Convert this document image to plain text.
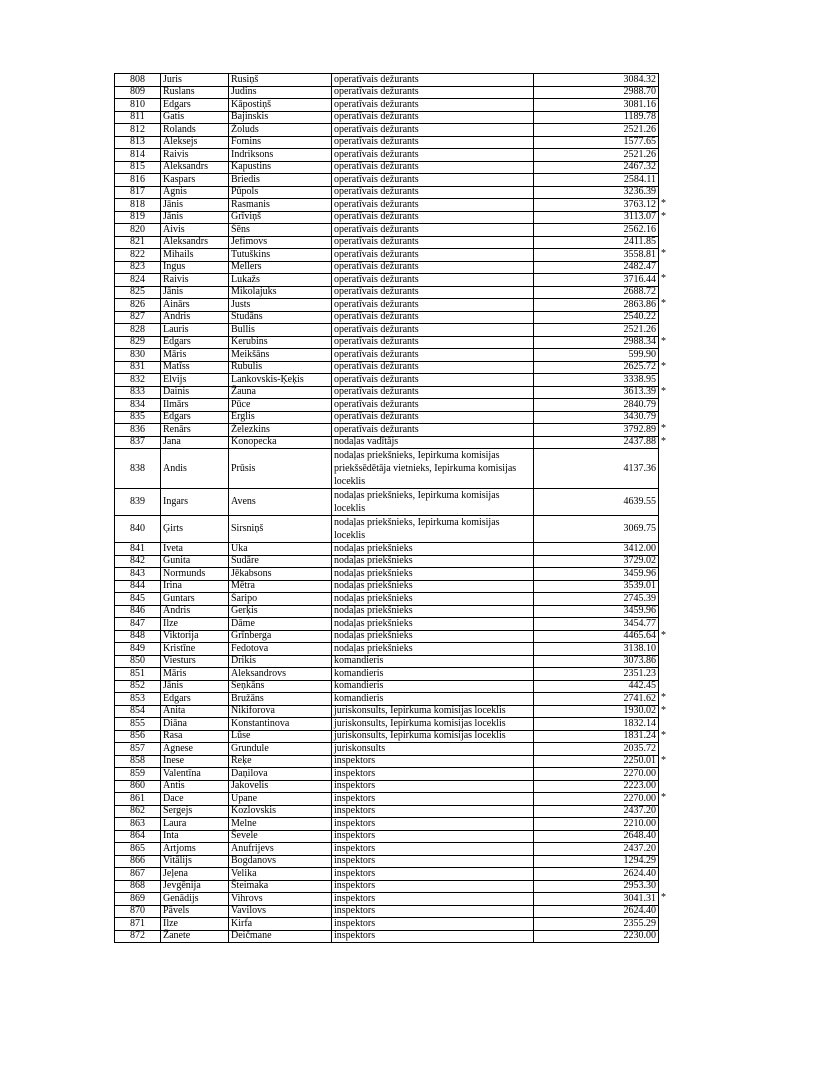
808	Juris	Rusiņš	operatīvais dežurants	3084.32

809	Ruslans	Judins	operatīvais dežurants	2988.70

810	Edgars	Kāpostiņš	operatīvais dežurants	3081.16

811	Gatis	Bajinskis	operatīvais dežurants	1189.78

812	Rolands	Žoluds	operatīvais dežurants	2521.26

813	Aleksejs	Fomins	operatīvais dežurants	1577.65

814	Raivis	Indriksons	operatīvais dežurants	2521.26

815	Aleksandrs	Kapustins	operatīvais dežurants	2467.32

816	Kaspars	Briedis	operatīvais dežurants	2584.11

817	Agnis	Pūpols	operatīvais dežurants	3236.39

818	Jānis	Rasmanis	operatīvais dežurants	3763.12 *

819	Jānis	Grīviņš	operatīvais dežurants	3113.07 *

820	Aivis	Šēns	operatīvais dežurants	2562.16

821	Aleksandrs	Jefimovs	operatīvais dežurants	2411.85

822	Mihails	Tutuškins	operatīvais dežurants	3558.81 *

823	Ingus	Mellers	operatīvais dežurants	2482.47

824	Raivis	Lukažs	operatīvais dežurants	3716.44 *

825	Jānis	Mikolajuks	operatīvais dežurants	2688.72

826	Ainārs	Justs	operatīvais dežurants	2863.86 *

827	Andris	Studāns	operatīvais dežurants	2540.22

828	Lauris	Bullis	operatīvais dežurants	2521.26

829	Edgars	Kerubins	operatīvais dežurants	2988.34 *

830	Māris	Meikšāns	operatīvais dežurants	599.90

831	Matīss	Rubulis	operatīvais dežurants	2625.72 *

832	Elvijs	Lankovskis-Ķeķis	operatīvais dežurants	3338.95

833	Dainis	Žauna	operatīvais dežurants	3613.39 *

834	Ilmārs	Pūce	operatīvais dežurants	2840.79

835	Edgars	Ērglis	operatīvais dežurants	3430.79

836	Renārs	Železkins	operatīvais dežurants	3792.89 *

837	Jana	Konopecka	nodaļas vadītājs	2437.88 *

838	Andis	Prūsis	nodaļas priekšnieks, Iepirkuma komisijas priekšsēdētāja vietnieks, Iepirkuma komisijas loceklis	4137.36

839	Ingars	Avens	nodaļas priekšnieks, Iepirkuma komisijas loceklis	4639.55

840	Ģirts	Sirsniņš	nodaļas priekšnieks, Iepirkuma komisijas loceklis	3069.75

841	Iveta	Uka	nodaļas priekšnieks	3412.00

842	Gunita	Sudāre	nodaļas priekšnieks	3729.02

843	Normunds	Jēkabsons	nodaļas priekšnieks	3459.96

844	Irina	Mētra	nodaļas priekšnieks	3539.01

845	Guntars	Šaripo	nodaļas priekšnieks	2745.39

846	Andris	Gerķis	nodaļas priekšnieks	3459.96

847	Ilze	Dāme	nodaļas priekšnieks	3454.77

848	Viktorija	Grīnberga	nodaļas priekšnieks	4465.64 *

849	Kristīne	Fedotova	nodaļas priekšnieks	3138.10

850	Viesturs	Drikis	komandieris	3073.86

851	Māris	Aleksandrovs	komandieris	2351.23

852	Jānis	Seņkāns	komandieris	442.45

853	Edgars	Bružāns	komandieris	2741.62 *

854	Anita	Nikiforova	juriskonsults, Iepirkuma komisijas loceklis	1930.02 *

855	Diāna	Konstantinova	juriskonsults, Iepirkuma komisijas loceklis	1832.14

856	Rasa	Lūse	juriskonsults, Iepirkuma komisijas loceklis	1831.24 *

857	Agnese	Grundule	juriskonsults	2035.72

858	Inese	Reķe	inspektors	2250.01 *

859	Valentīna	Daņilova	inspektors	2270.00

860	Antis	Jakovelis	inspektors	2223.00

861	Dace	Upane	inspektors	2270.00 *

862	Sergejs	Kozlovskis	inspektors	2437.20

863	Laura	Melne	inspektors	2210.00

864	Inta	Ševele	inspektors	2648.40

865	Artjoms	Anufrijevs	inspektors	2437.20

866	Vitālijs	Bogdanovs	inspektors	1294.29

867	Jeļena	Velika	inspektors	2624.40

868	Jevgēnija	Šteimaka	inspektors	2953.30

869	Genādijs	Vihrovs	inspektors	3041.31 *

870	Pāvels	Vavilovs	inspektors	2624.40

871	Ilze	Kirfa	inspektors	2355.29

872	Žanete	Deičmane	inspektors	2230.00
